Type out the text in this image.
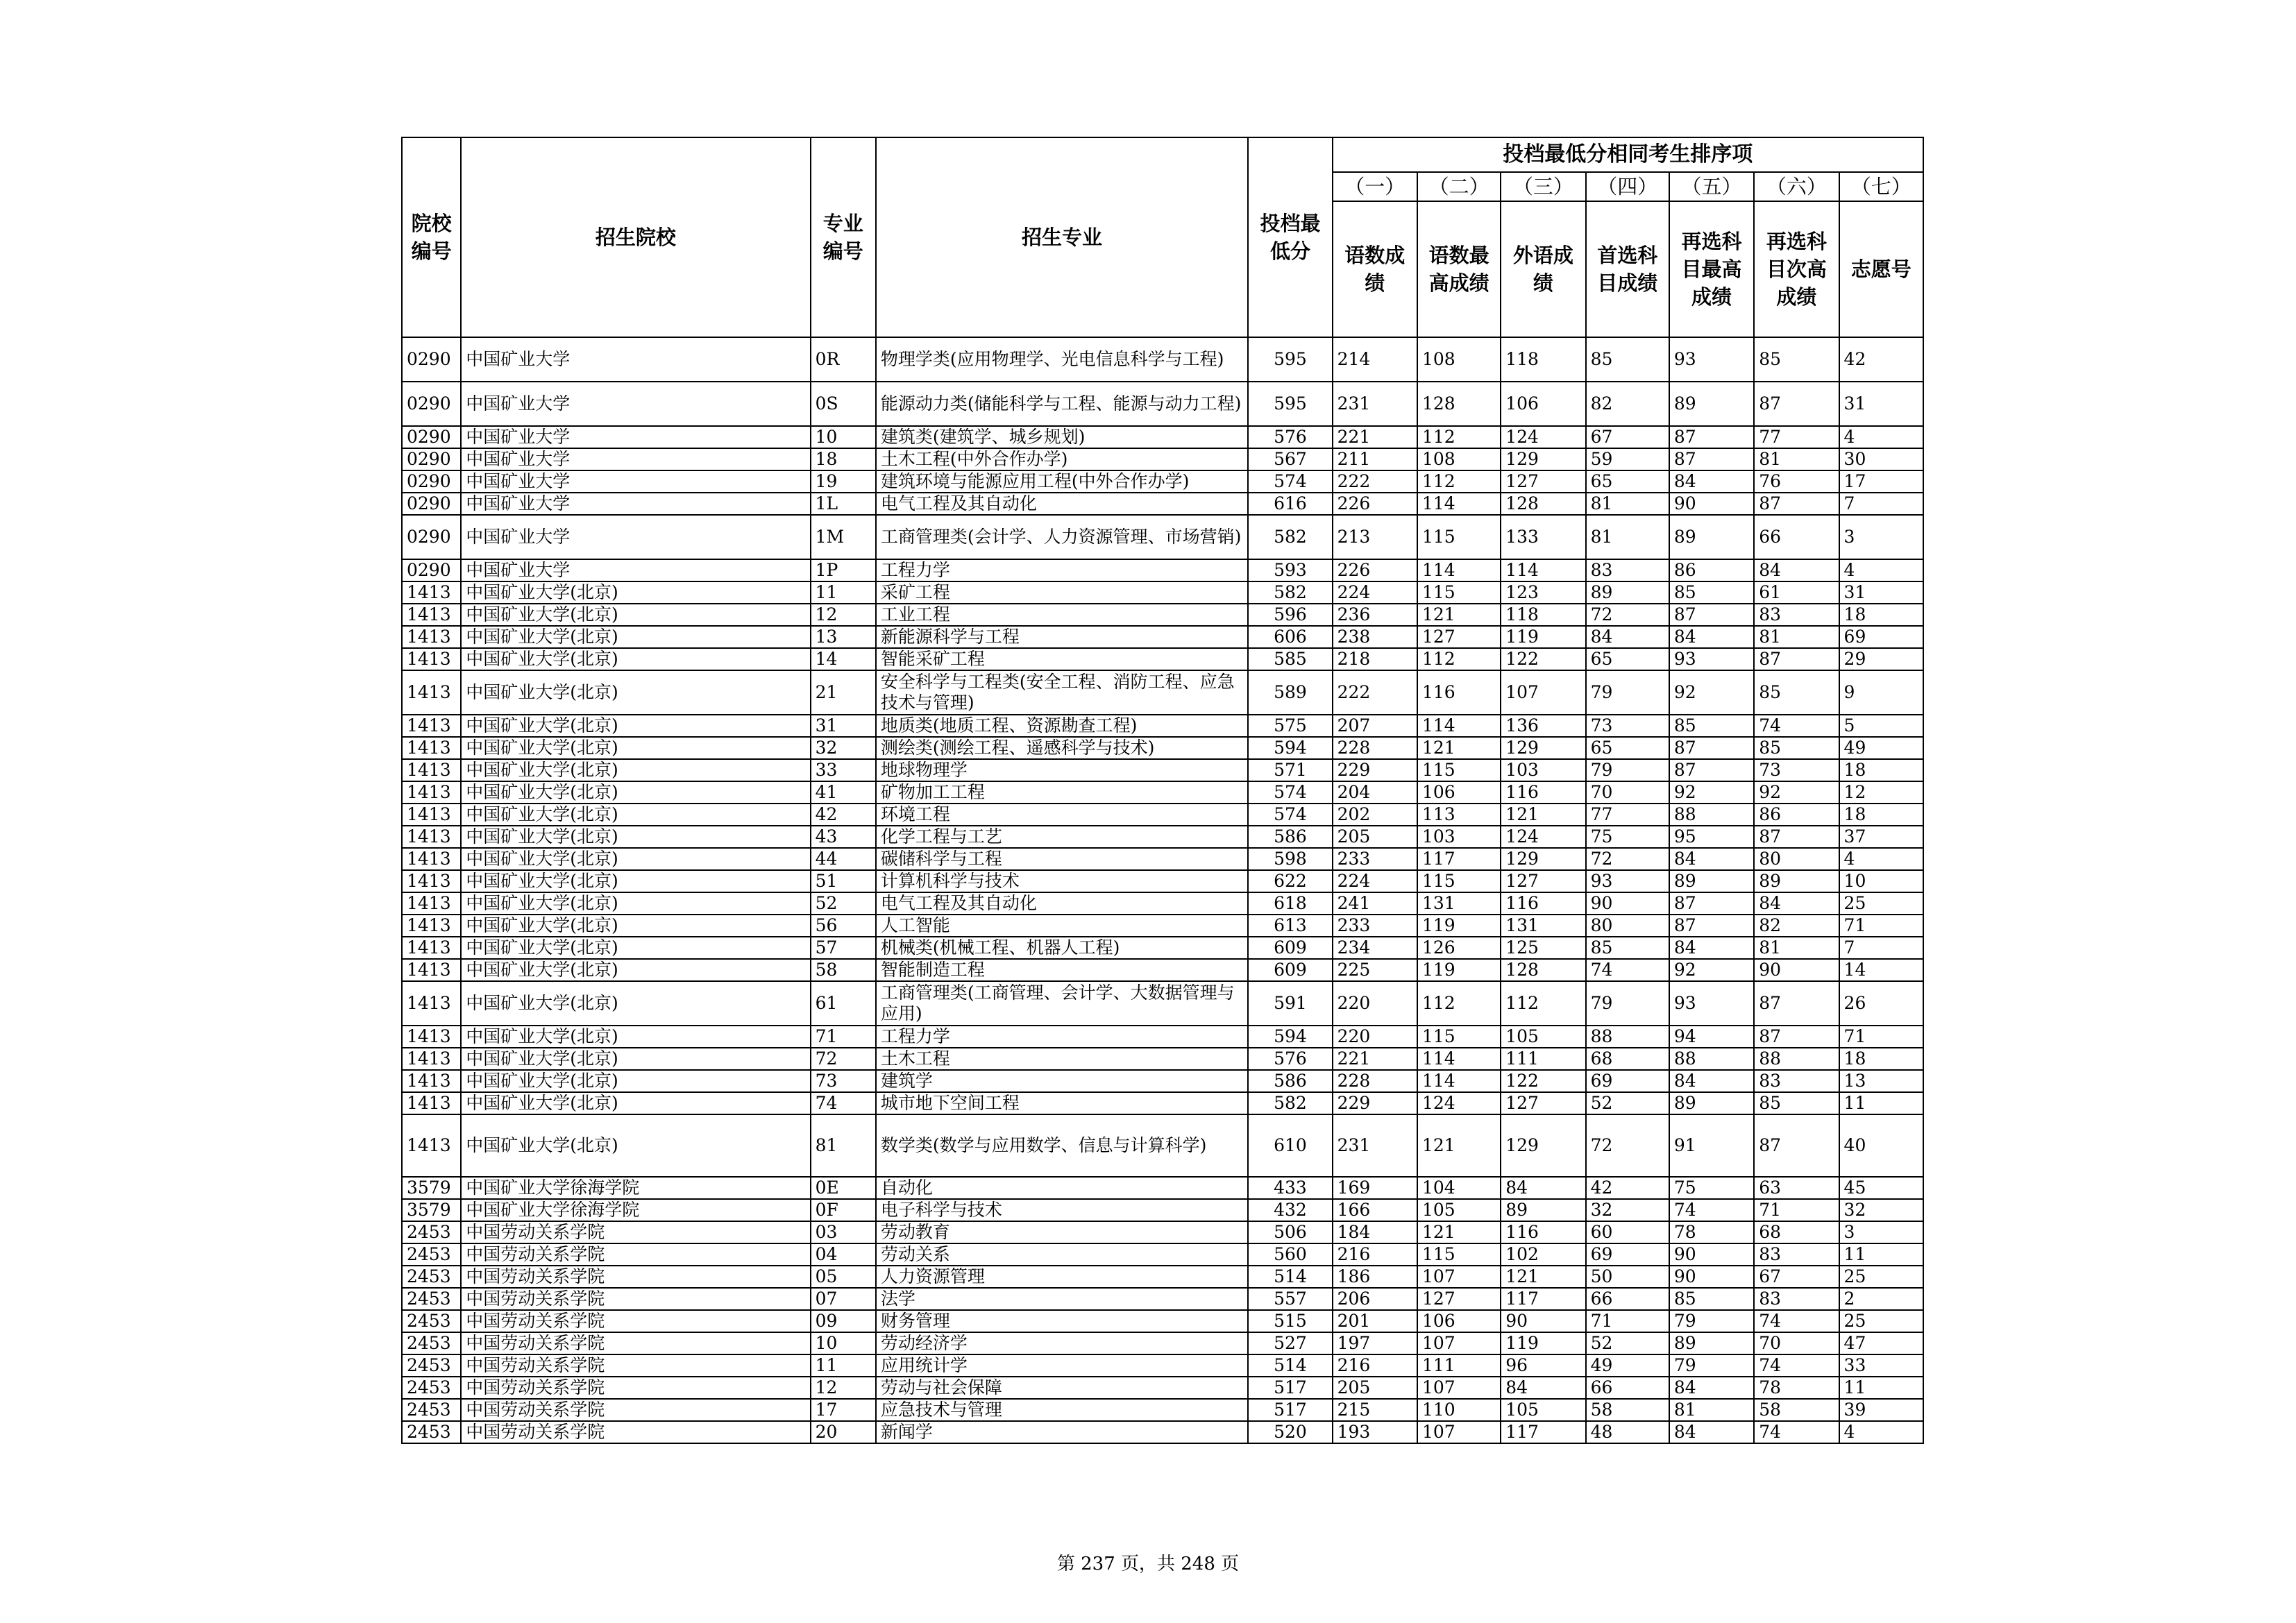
院校编号	招生院校	专业编号	招生专业	投档最低分	投档最低分相同考生排序项						
					（一）	（二）	（三）	（四）	（五）	（六）	（七）
					语数成绩	语数最高成绩	外语成绩	首选科目成绩	再选科目最高成绩	再选科目次高成绩	志愿号
0290	中国矿业大学	0R	物理学类(应用物理学、光电信息科学与工程)	595	214	108	118	85	93	85	42
0290	中国矿业大学	0S	能源动力类(储能科学与工程、能源与动力工程)	595	231	128	106	82	89	87	31
0290	中国矿业大学	10	建筑类(建筑学、城乡规划)	576	221	112	124	67	87	77	4
0290	中国矿业大学	18	土木工程(中外合作办学)	567	211	108	129	59	87	81	30
0290	中国矿业大学	19	建筑环境与能源应用工程(中外合作办学)	574	222	112	127	65	84	76	17
0290	中国矿业大学	1L	电气工程及其自动化	616	226	114	128	81	90	87	7
0290	中国矿业大学	1M	工商管理类(会计学、人力资源管理、市场营销)	582	213	115	133	81	89	66	3
0290	中国矿业大学	1P	工程力学	593	226	114	114	83	86	84	4
1413	中国矿业大学(北京)	11	采矿工程	582	224	115	123	89	85	61	31
1413	中国矿业大学(北京)	12	工业工程	596	236	121	118	72	87	83	18
1413	中国矿业大学(北京)	13	新能源科学与工程	606	238	127	119	84	84	81	69
1413	中国矿业大学(北京)	14	智能采矿工程	585	218	112	122	65	93	87	29
1413	中国矿业大学(北京)	21	安全科学与工程类(安全工程、消防工程、应急技术与管理)	589	222	116	107	79	92	85	9
1413	中国矿业大学(北京)	31	地质类(地质工程、资源勘查工程)	575	207	114	136	73	85	74	5
1413	中国矿业大学(北京)	32	测绘类(测绘工程、遥感科学与技术)	594	228	121	129	65	87	85	49
1413	中国矿业大学(北京)	33	地球物理学	571	229	115	103	79	87	73	18
1413	中国矿业大学(北京)	41	矿物加工工程	574	204	106	116	70	92	92	12
1413	中国矿业大学(北京)	42	环境工程	574	202	113	121	77	88	86	18
1413	中国矿业大学(北京)	43	化学工程与工艺	586	205	103	124	75	95	87	37
1413	中国矿业大学(北京)	44	碳储科学与工程	598	233	117	129	72	84	80	4
1413	中国矿业大学(北京)	51	计算机科学与技术	622	224	115	127	93	89	89	10
1413	中国矿业大学(北京)	52	电气工程及其自动化	618	241	131	116	90	87	84	25
1413	中国矿业大学(北京)	56	人工智能	613	233	119	131	80	87	82	71
1413	中国矿业大学(北京)	57	机械类(机械工程、机器人工程)	609	234	126	125	85	84	81	7
1413	中国矿业大学(北京)	58	智能制造工程	609	225	119	128	74	92	90	14
1413	中国矿业大学(北京)	61	工商管理类(工商管理、会计学、大数据管理与应用)	591	220	112	112	79	93	87	26
1413	中国矿业大学(北京)	71	工程力学	594	220	115	105	88	94	87	71
1413	中国矿业大学(北京)	72	土木工程	576	221	114	111	68	88	88	18
1413	中国矿业大学(北京)	73	建筑学	586	228	114	122	69	84	83	13
1413	中国矿业大学(北京)	74	城市地下空间工程	582	229	124	127	52	89	85	11
1413	中国矿业大学(北京)	81	数学类(数学与应用数学、信息与计算科学)	610	231	121	129	72	91	87	40
3579	中国矿业大学徐海学院	0E	自动化	433	169	104	84	42	75	63	45
3579	中国矿业大学徐海学院	0F	电子科学与技术	432	166	105	89	32	74	71	32
2453	中国劳动关系学院	03	劳动教育	506	184	121	116	60	78	68	3
2453	中国劳动关系学院	04	劳动关系	560	216	115	102	69	90	83	11
2453	中国劳动关系学院	05	人力资源管理	514	186	107	121	50	90	67	25
2453	中国劳动关系学院	07	法学	557	206	127	117	66	85	83	2
2453	中国劳动关系学院	09	财务管理	515	201	106	90	71	79	74	25
2453	中国劳动关系学院	10	劳动经济学	527	197	107	119	52	89	70	47
2453	中国劳动关系学院	11	应用统计学	514	216	111	96	49	79	74	33
2453	中国劳动关系学院	12	劳动与社会保障	517	205	107	84	66	84	78	11
2453	中国劳动关系学院	17	应急技术与管理	517	215	110	105	58	81	58	39
2453	中国劳动关系学院	20	新闻学	520	193	107	117	48	84	74	4
第 237 页，共 248 页
